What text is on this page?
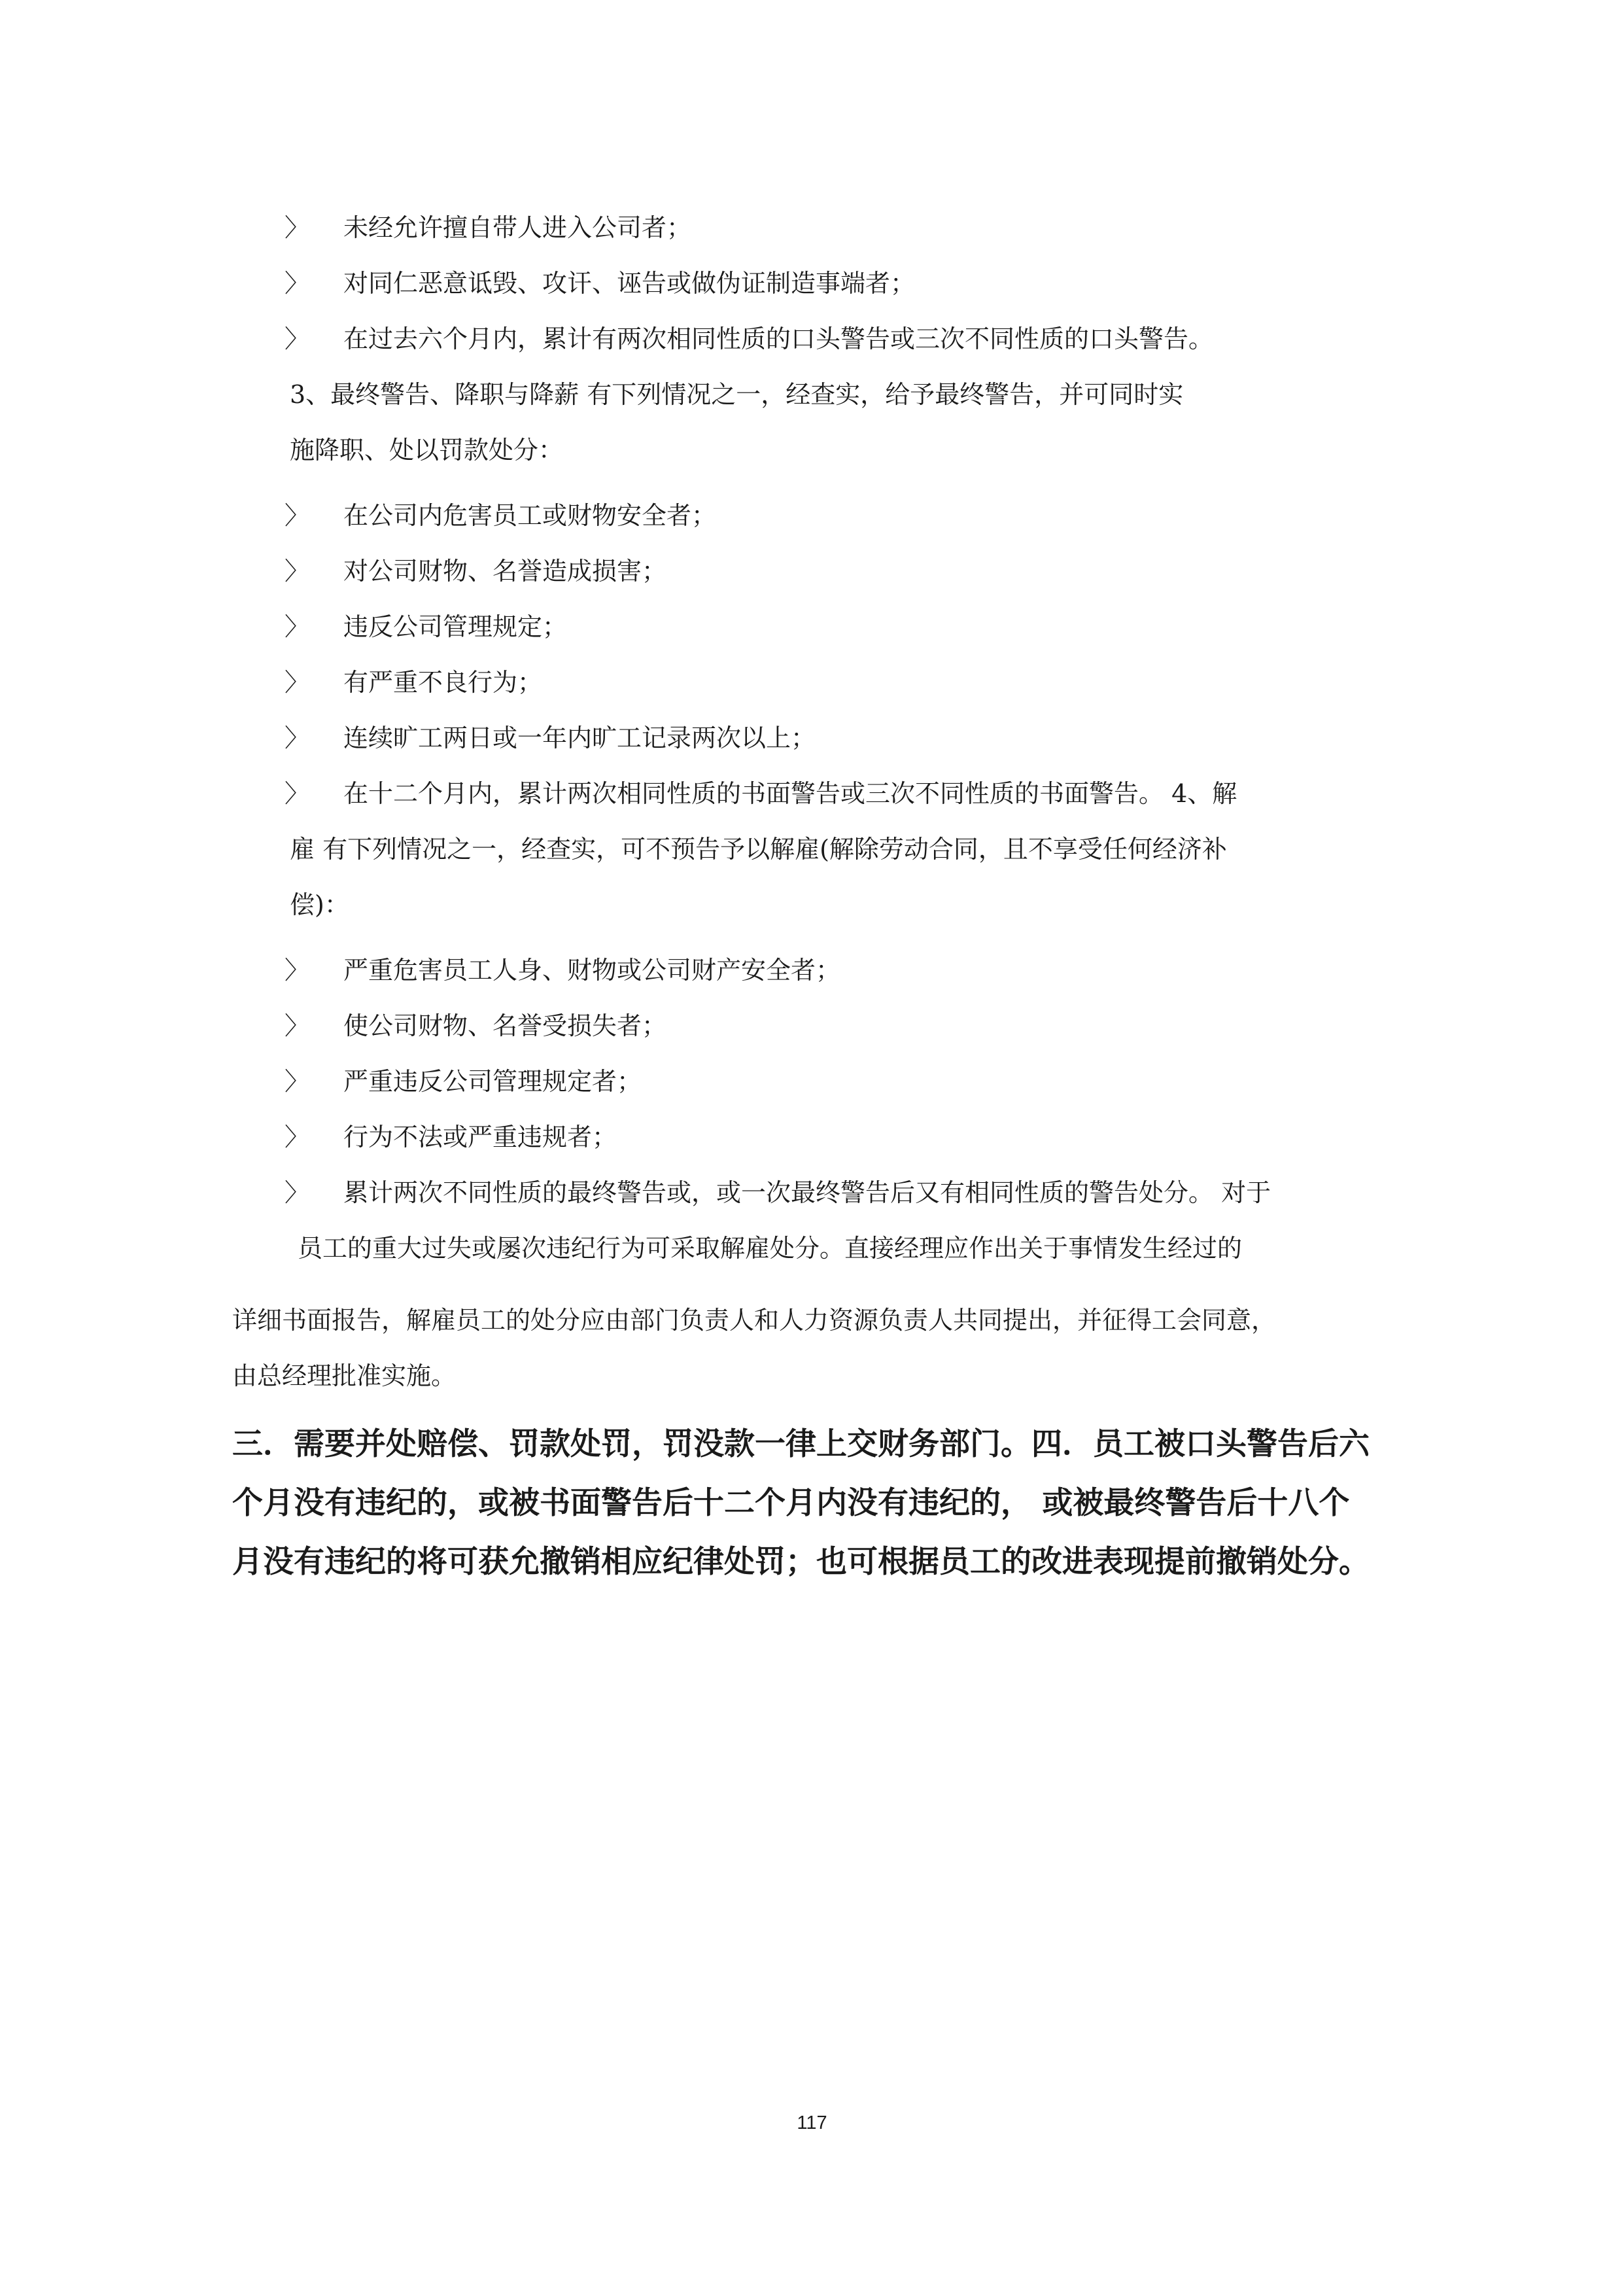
〉 未经允许擅自带人进入公司者；
〉 对同仁恶意诋毁、攻讦、诬告或做伪证制造事端者；
〉 在过去六个月内，累计有两次相同性质的口头警告或三次不同性质的口头警告。
3、最终警告、降职与降薪 有下列情况之一，经查实，给予最终警告，并可同时实
施降职、处以罚款处分：
〉 在公司内危害员工或财物安全者；
〉 对公司财物、名誉造成损害；
〉 违反公司管理规定；
〉 有严重不良行为；
〉 连续旷工两日或一年内旷工记录两次以上；
〉 在十二个月内，累计两次相同性质的书面警告或三次不同性质的书面警告。 4、解
雇 有下列情况之一，经查实，可不预告予以解雇(解除劳动合同，且不享受任何经济补
偿)：
〉 严重危害员工人身、财物或公司财产安全者；
〉 使公司财物、名誉受损失者；
〉 严重违反公司管理规定者；
〉 行为不法或严重违规者；
〉 累计两次不同性质的最终警告或，或一次最终警告后又有相同性质的警告处分。 对于
员工的重大过失或屡次违纪行为可采取解雇处分。直接经理应作出关于事情发生经过的
详细书面报告，解雇员工的处分应由部门负责人和人力资源负责人共同提出，并征得工会同意，
由总经理批准实施。
三．需要并处赔偿、罚款处罚，罚没款一律上交财务部门。四．员工被口头警告后六
个月没有违纪的，或被书面警告后十二个月内没有违纪的， 或被最终警告后十八个
月没有违纪的将可获允撤销相应纪律处罚；也可根据员工的改进表现提前撤销处分。
117
